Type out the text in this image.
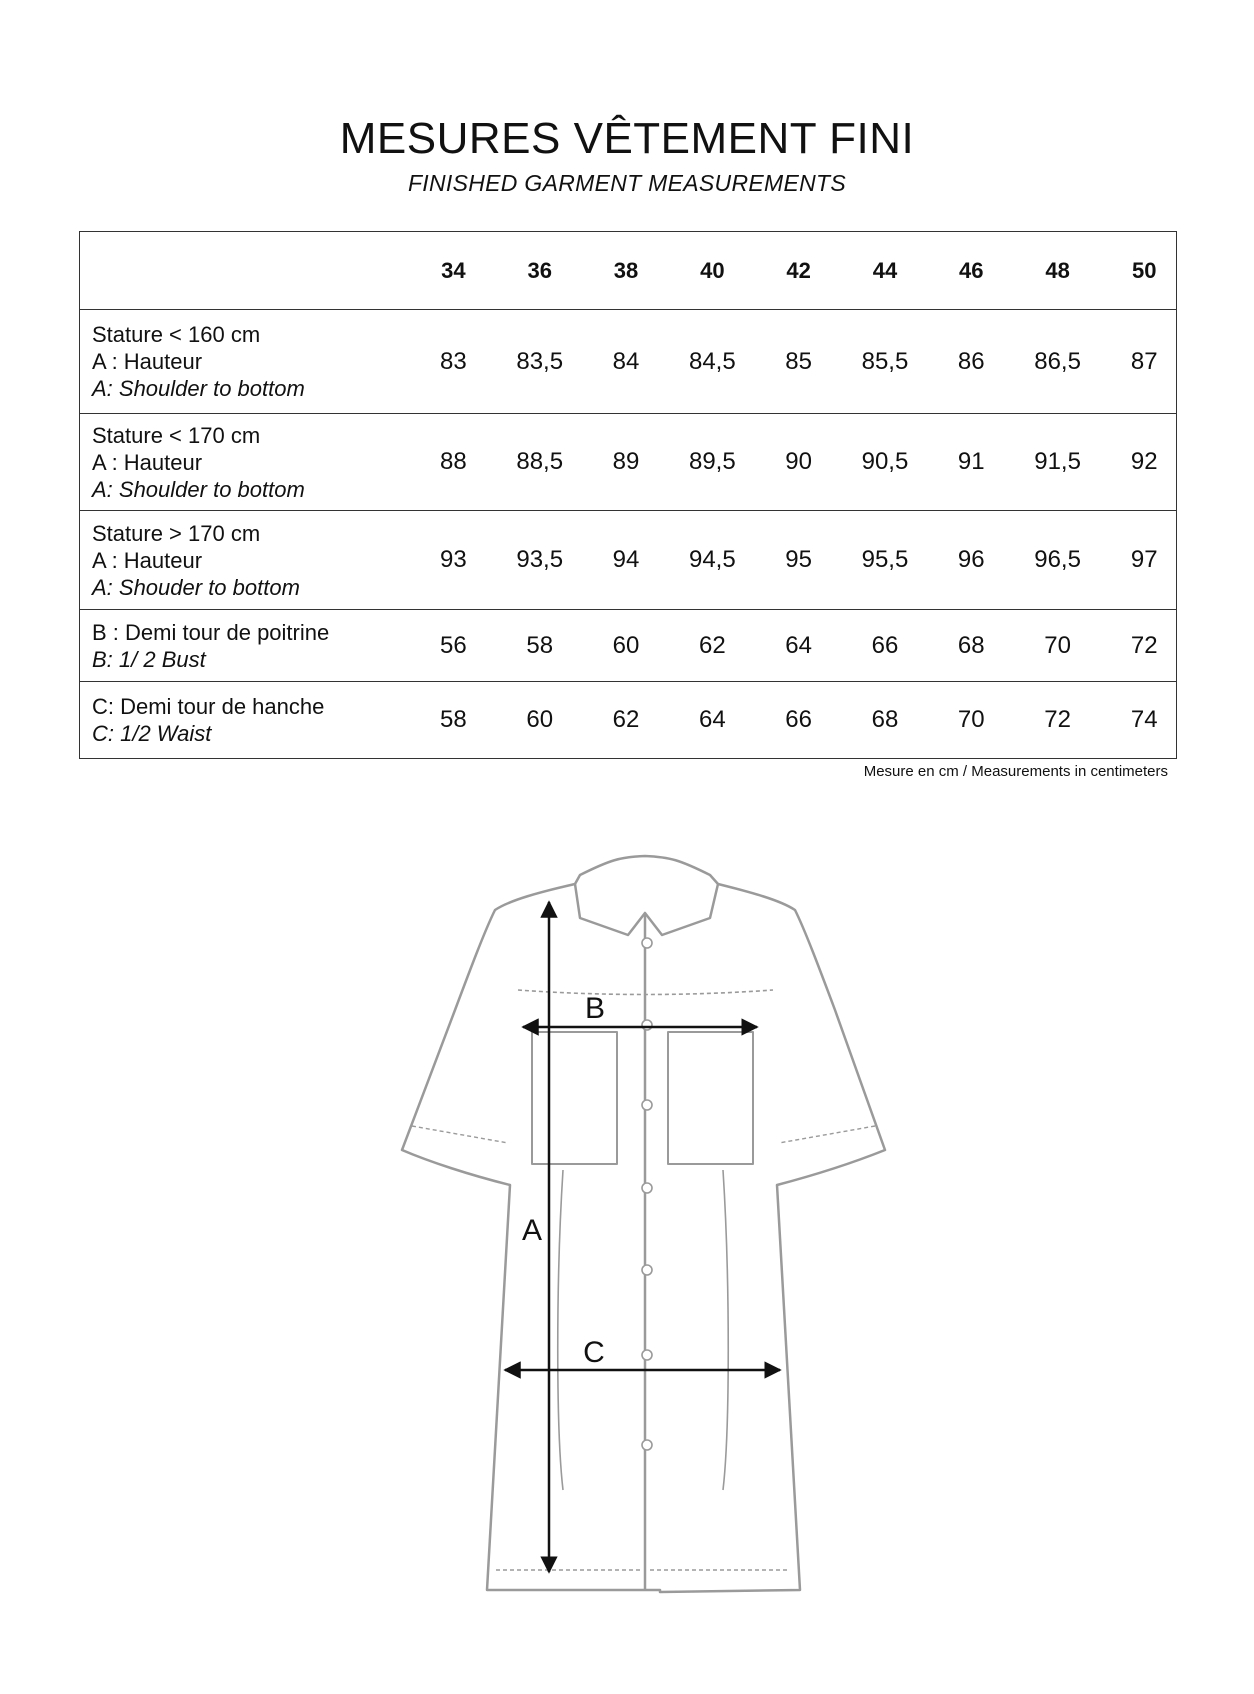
MESURES VÊTEMENT FINI
FINISHED GARMENT MEASUREMENTS
	34	36	38	40	42	44	46	48	50

Stature < 160 cm
A : Hauteur
A: Shoulder to bottom	83	83,5	84	84,5	85	85,5	86	86,5	87

Stature < 170 cm
A : Hauteur
A: Shoulder to bottom	88	88,5	89	89,5	90	90,5	91	91,5	92

Stature > 170 cm
A : Hauteur
A: Shouder to bottom	93	93,5	94	94,5	95	95,5	96	96,5	97

B : Demi tour de poitrine
B: 1/ 2 Bust	56	58	60	62	64	66	68	70	72

C: Demi tour de hanche
C: 1/2 Waist	58	60	62	64	66	68	70	72	74
Mesure en cm / Measurements in centimeters
B
A
C
